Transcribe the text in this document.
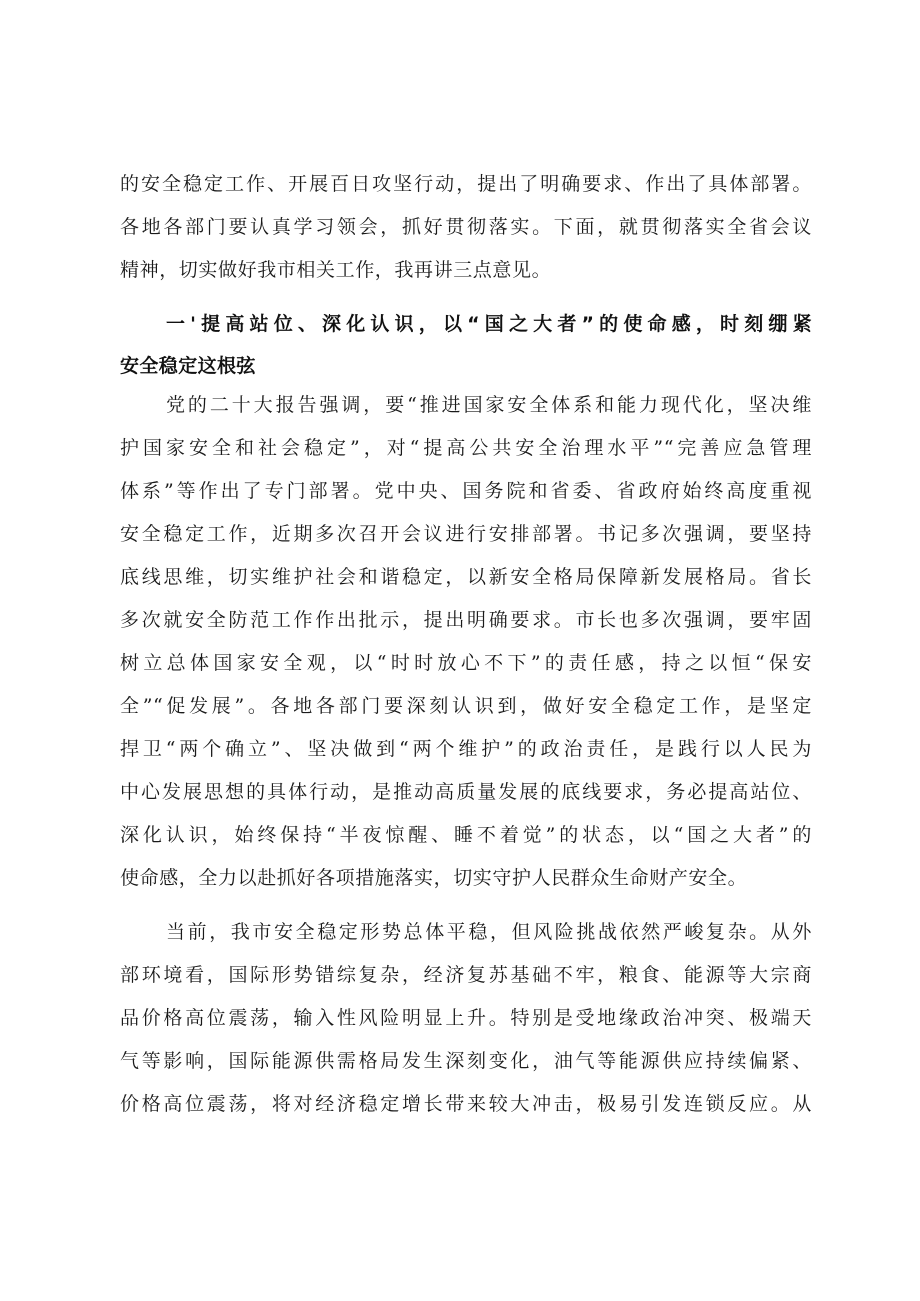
的安全稳定工作、开展百日攻坚行动，提出了明确要求、作出了具体部署。
各地各部门要认真学习领会，抓好贯彻落实。下面，就贯彻落实全省会议
精神，切实做好我市相关工作，我再讲三点意见。
一'提高站位、深化认识，以“国之大者”的使命感，时刻绷紧
安全稳定这根弦
党的二十大报告强调，要“推进国家安全体系和能力现代化，坚决维
护国家安全和社会稳定”，对“提高公共安全治理水平”“完善应急管理
体系”等作出了专门部署。党中央、国务院和省委、省政府始终高度重视
安全稳定工作，近期多次召开会议进行安排部署。书记多次强调，要坚持
底线思维，切实维护社会和谐稳定，以新安全格局保障新发展格局。省长
多次就安全防范工作作出批示，提出明确要求。市长也多次强调，要牢固
树立总体国家安全观，以“时时放心不下”的责任感，持之以恒“保安
全”“促发展”。各地各部门要深刻认识到，做好安全稳定工作，是坚定
捍卫“两个确立”、坚决做到“两个维护”的政治责任，是践行以人民为
中心发展思想的具体行动，是推动高质量发展的底线要求，务必提高站位、
深化认识，始终保持“半夜惊醒、睡不着觉”的状态，以“国之大者”的
使命感，全力以赴抓好各项措施落实，切实守护人民群众生命财产安全。
当前，我市安全稳定形势总体平稳，但风险挑战依然严峻复杂。从外
部环境看，国际形势错综复杂，经济复苏基础不牢，粮食、能源等大宗商
品价格高位震荡，输入性风险明显上升。特别是受地缘政治冲突、极端天
气等影响，国际能源供需格局发生深刻变化，油气等能源供应持续偏紧、
价格高位震荡，将对经济稳定增长带来较大冲击，极易引发连锁反应。从
